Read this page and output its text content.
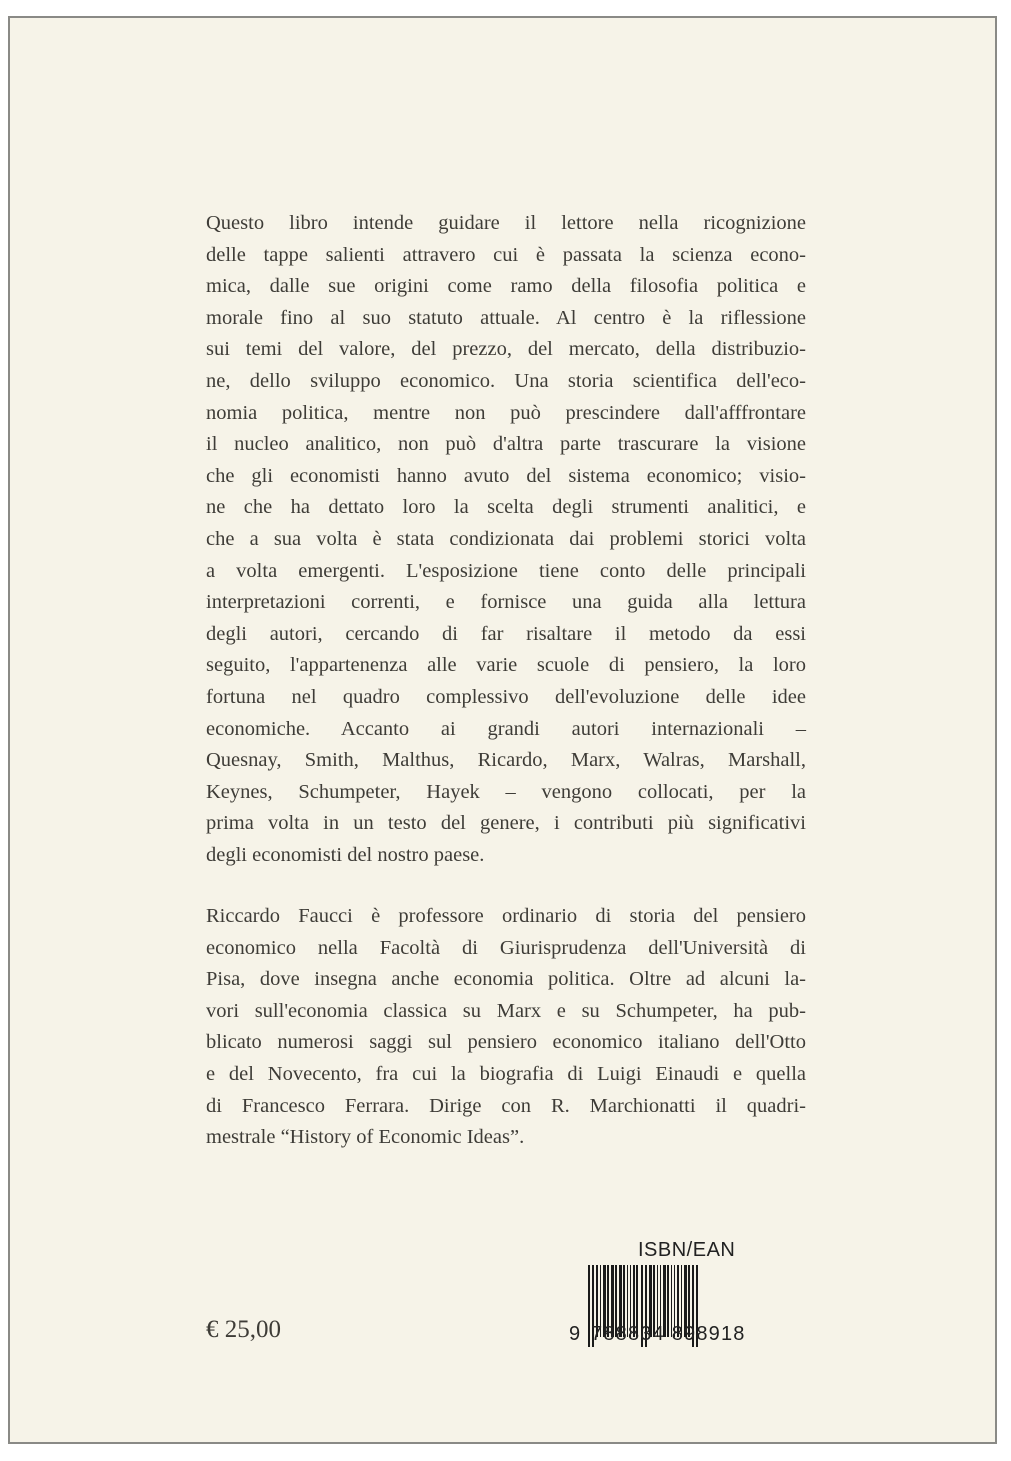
Questo libro intende guidare il lettore nella ricognizione
delle tappe salienti attravero cui è passata la scienza econo-
mica, dalle sue origini come ramo della filosofia politica e
morale fino al suo statuto attuale. Al centro è la riflessione
sui temi del valore, del prezzo, del mercato, della distribuzio-
ne, dello sviluppo economico. Una storia scientifica dell'eco-
nomia politica, mentre non può prescindere dall'afffrontare
il nucleo analitico, non può d'altra parte trascurare la visione
che gli economisti hanno avuto del sistema economico; visio-
ne che ha dettato loro la scelta degli strumenti analitici, e
che a sua volta è stata condizionata dai problemi storici volta
a volta emergenti. L'esposizione tiene conto delle principali
interpretazioni correnti, e fornisce una guida alla lettura
degli autori, cercando di far risaltare il metodo da essi
seguito, l'appartenenza alle varie scuole di pensiero, la loro
fortuna nel quadro complessivo dell'evoluzione delle idee
economiche. Accanto ai grandi autori internazionali –
Quesnay, Smith, Malthus, Ricardo, Marx, Walras, Marshall,
Keynes, Schumpeter, Hayek – vengono collocati, per la
prima volta in un testo del genere, i contributi più significativi
degli economisti del nostro paese.
Riccardo Faucci è professore ordinario di storia del pensiero
economico nella Facoltà di Giurisprudenza dell'Università di
Pisa, dove insegna anche economia politica. Oltre ad alcuni la-
vori sull'economia classica su Marx e su Schumpeter, ha pub-
blicato numerosi saggi sul pensiero economico italiano dell'Otto
e del Novecento, fra cui la biografia di Luigi Einaudi e quella
di Francesco Ferrara. Dirige con R. Marchionatti il quadri-
mestrale “History of Economic Ideas”.
€ 25,00
ISBN/EAN
9 788834 898918
